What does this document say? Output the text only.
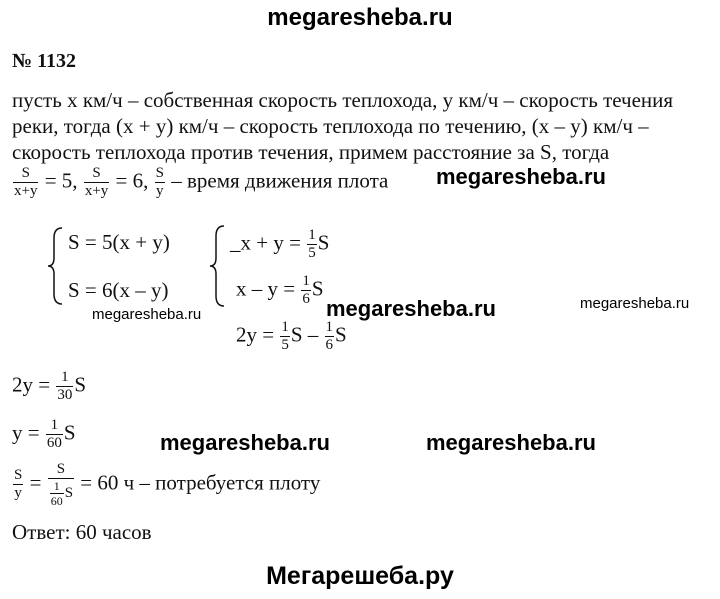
megaresheba.ru
№ 1132
пусть x км/ч – собственная скорость теплохода, y км/ч – скорость течения
реки, тогда (x + y) км/ч – скорость теплохода по течению, (x – y) км/ч –
скорость теплохода против течения, примем расстояние за S, тогда
$\frac{S}{x+y} = 5$, $\frac{S}{x+y} = 6$, $\frac{S}{y}$ – время движения плота megaresheba.ru
S = 5(x + y)
S = 6(x – y)
_x + $y = \frac{1}{5}$ S
$x - y = \frac{1}{6}$ S
megaresheba.ru	megaresheba.ru	megaresheba.ru
$2y = \frac{1}{5}$ S – $\frac{1}{6}$ S
$2y = \frac{1}{30}$ S
$y = \frac{1}{60}$ S	megaresheba.ru	megaresheba.ru
$\frac{S}{y} = \frac{S}{\frac{1}{60} S} = 60$ ч – потребуется плоту
Ответ: 60 часов
Мегарешеба.ру
